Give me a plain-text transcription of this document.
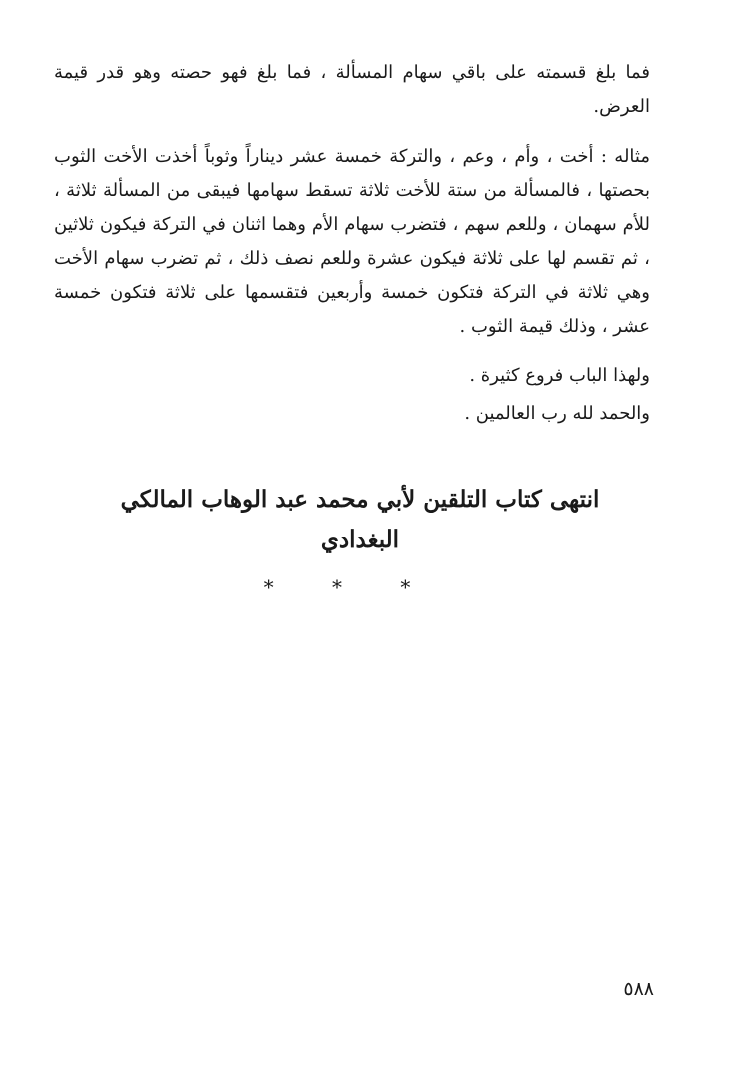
فما بلغ قسمته على باقي سهام المسألة ، فما بلغ فهو حصته وهو قدر قيمة العرض.

مثاله : أخت ، وأم ، وعم ، والتركة خمسة عشر ديناراً وثوباً أخذت الأخت الثوب بحصتها ، فالمسألة من ستة للأخت ثلاثة تسقط سهامها فيبقى من المسألة ثلاثة ، للأم سهمان ، وللعم سهم ، فتضرب سهام الأم وهما اثنان في التركة فيكون ثلاثين ، ثم تقسم لها على ثلاثة فيكون عشرة وللعم نصف ذلك ، ثم تضرب سهام الأخت وهي ثلاثة في التركة فتكون خمسة وأربعين فتقسمها على ثلاثة فتكون خمسة عشر ، وذلك قيمة الثوب .

ولهذا الباب فروع كثيرة .

والحمد لله رب العالمين .

انتهى كتاب التلقين لأبي محمد عبد الوهاب المالكي البغدادي
* * *
٥٨٨
